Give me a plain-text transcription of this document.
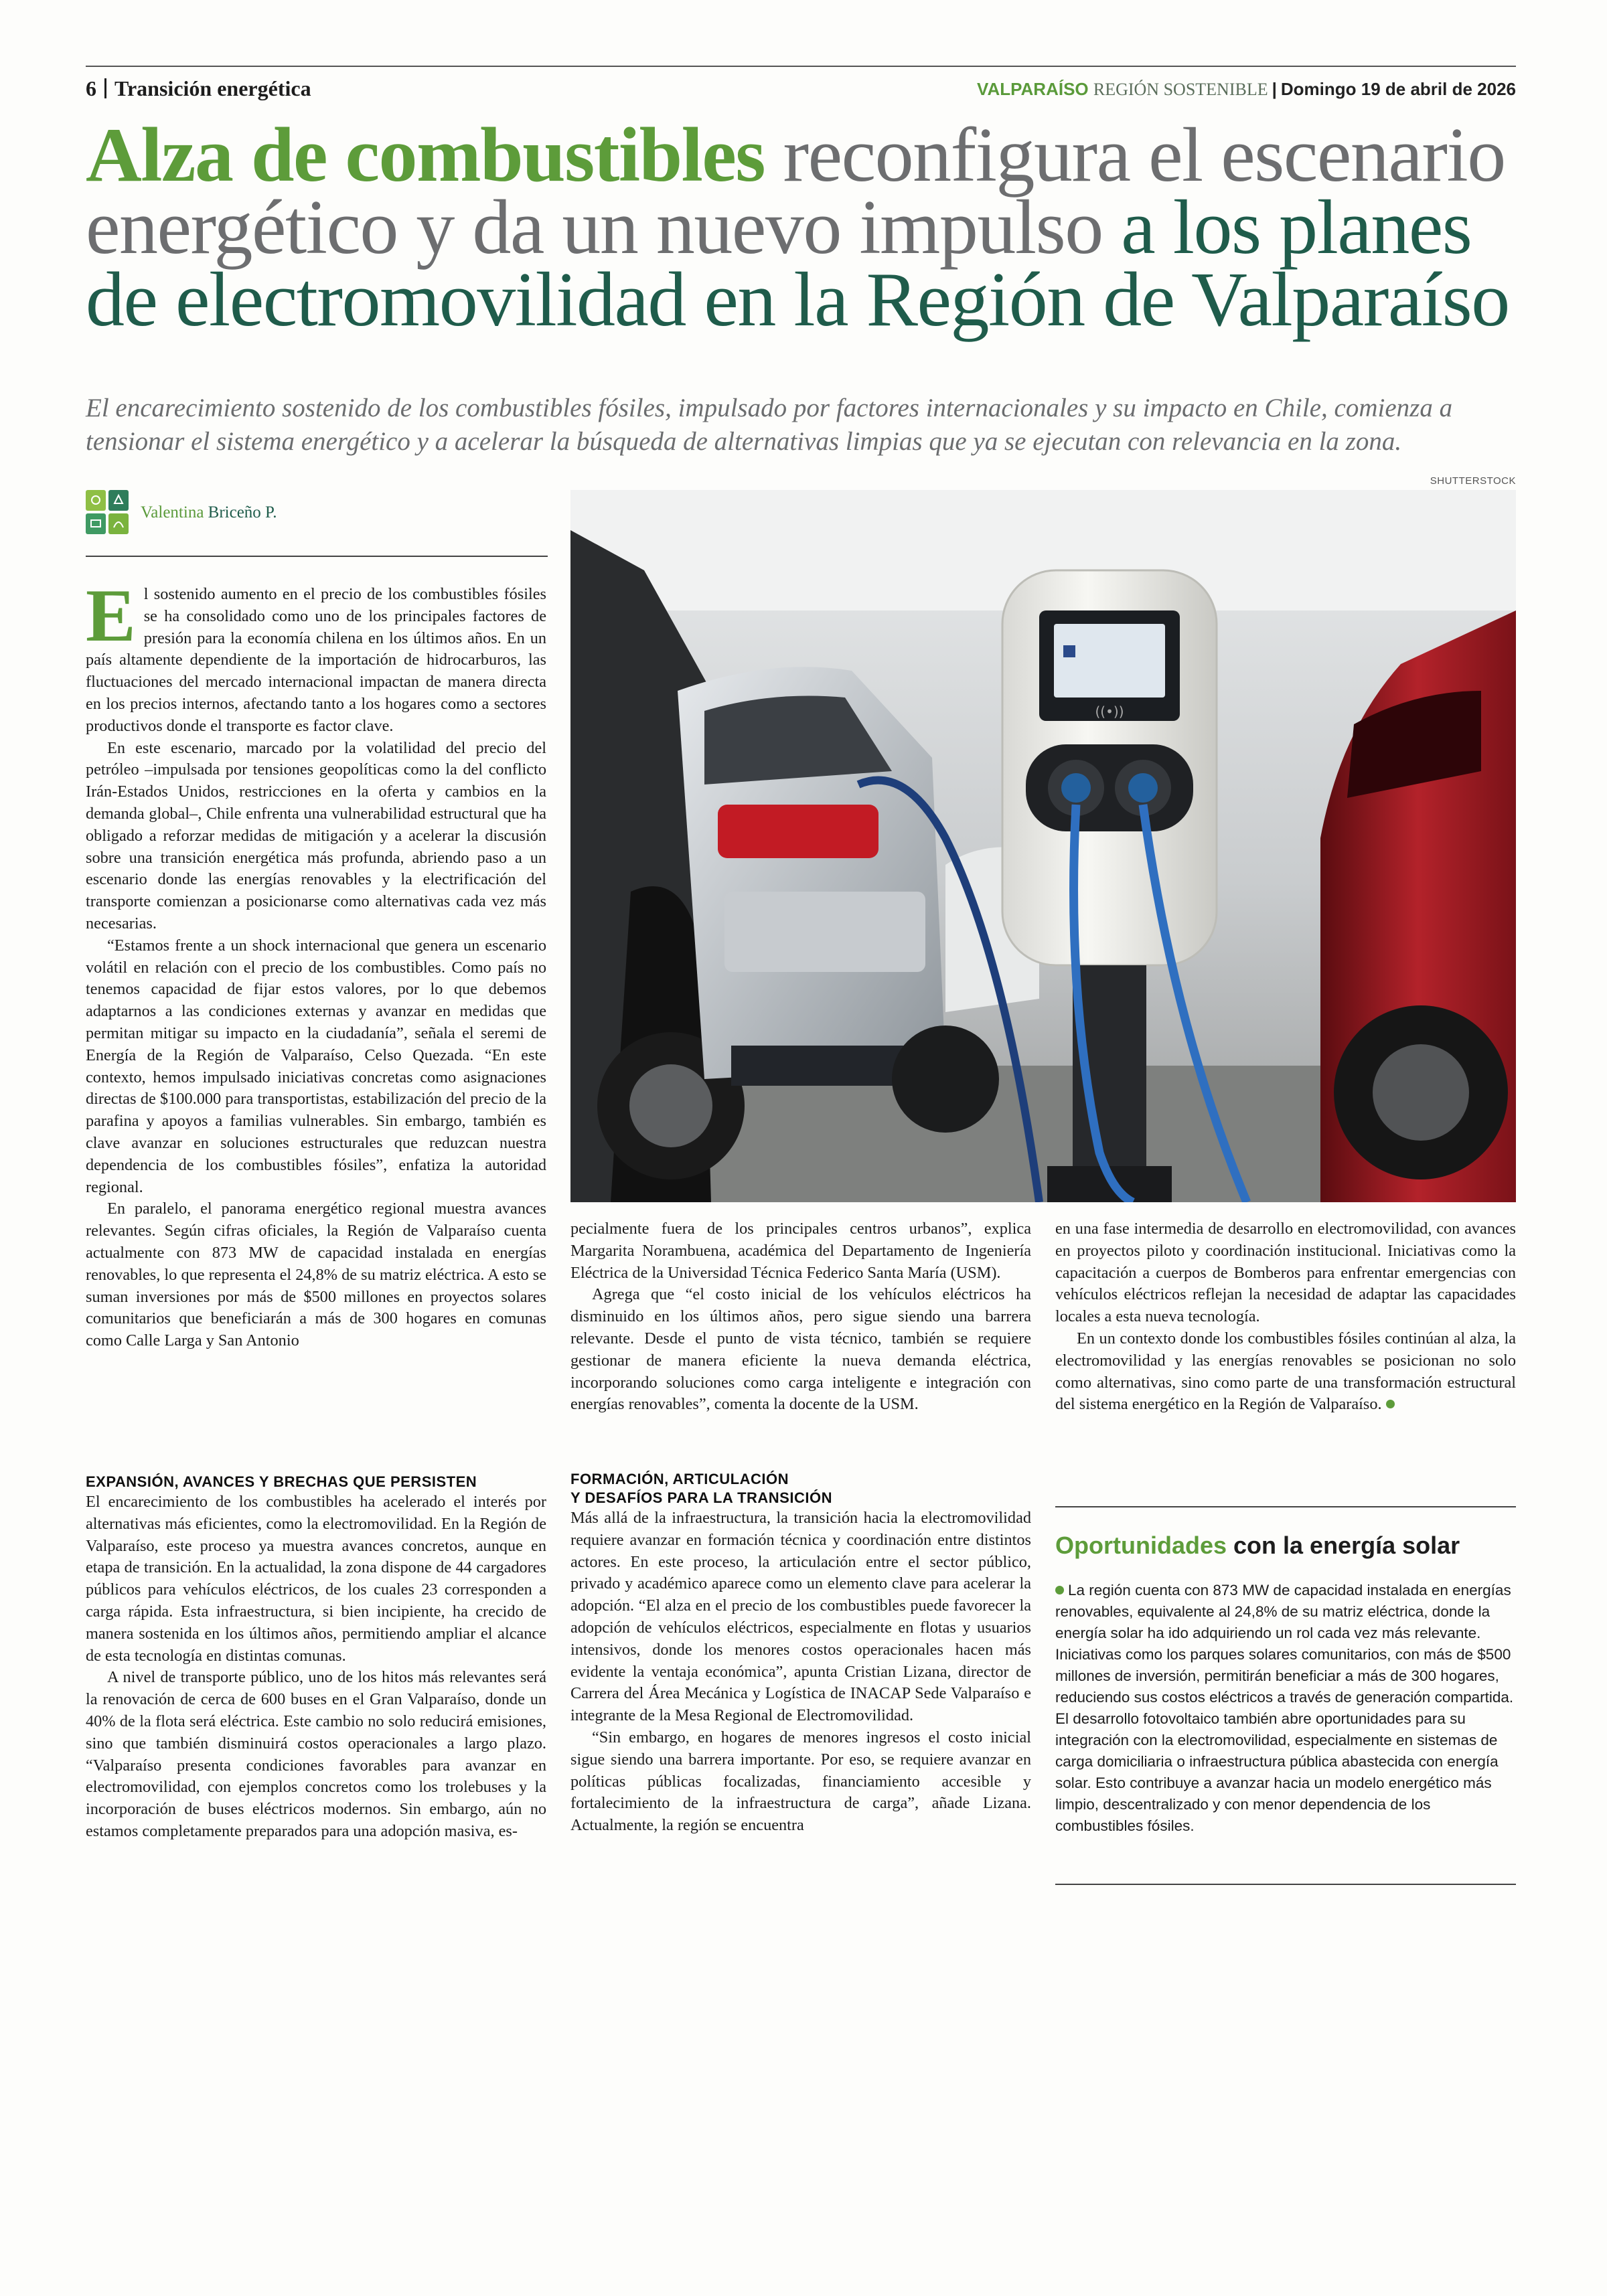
6 Transición energética	VALPARAÍSO REGIÓN SOSTENIBLE | Domingo 19 de abril de 2026
Alza de combustibles reconfigura el escenario energético y da un nuevo impulso a los planes de electromovilidad en la Región de Valparaíso
El encarecimiento sostenido de los combustibles fósiles, impulsado por factores internacionales y su impacto en Chile, comienza a tensionar el sistema energético y a acelerar la búsqueda de alternativas limpias que ya se ejecutan con relevancia en la zona.
SHUTTERSTOCK
Valentina Briceño P.
((•))

El sostenido aumento en el precio de los combustibles fósiles se ha consolidado como uno de los principales factores de presión para la economía chilena en los últimos años. En un país altamente dependiente de la importación de hidrocarburos, las fluctuaciones del mercado internacional impactan de manera directa en los precios internos, afectando tanto a los hogares como a sectores productivos donde el transporte es factor clave.

En este escenario, marcado por la volatilidad del precio del petróleo –impulsada por tensiones geopolíticas como la del conflicto Irán-Estados Unidos, restricciones en la oferta y cambios en la demanda global–, Chile enfrenta una vulnerabilidad estructural que ha obligado a reforzar medidas de mitigación y a acelerar la discusión sobre una transición energética más profunda, abriendo paso a un escenario donde las energías renovables y la electrificación del transporte comienzan a posicionarse como alternativas cada vez más necesarias.

“Estamos frente a un shock internacional que genera un escenario volátil en relación con el precio de los combustibles. Como país no tenemos capacidad de fijar estos valores, por lo que debemos adaptarnos a las condiciones externas y avanzar en medidas que permitan mitigar su impacto en la ciudadanía”, señala el seremi de Energía de la Región de Valparaíso, Celso Quezada. “En este contexto, hemos impulsado iniciativas concretas como asignaciones directas de $100.000 para transportistas, estabilización del precio de la parafina y apoyos a familias vulnerables. Sin embargo, también es clave avanzar en soluciones estructurales que reduzcan nuestra dependencia de los combustibles fósiles”, enfatiza la autoridad regional.

En paralelo, el panorama energético regional muestra avances relevantes. Según cifras oficiales, la Región de Valparaíso cuenta actualmente con 873 MW de capacidad instalada en energías renovables, lo que representa el 24,8% de su matriz eléctrica. A esto se suman inversiones por más de $500 millones en proyectos solares comunitarios que beneficiarán a más de 300 hogares en comunas como Calle Larga y San Antonio

EXPANSIÓN, AVANCES Y BRECHAS QUE PERSISTEN

El encarecimiento de los combustibles ha acelerado el interés por alternativas más eficientes, como la electromovilidad. En la Región de Valparaíso, este proceso ya muestra avances concretos, aunque en etapa de transición. En la actualidad, la zona dispone de 44 cargadores públicos para vehículos eléctricos, de los cuales 23 corresponden a carga rápida. Esta infraestructura, si bien incipiente, ha crecido de manera sostenida en los últimos años, permitiendo ampliar el alcance de esta tecnología en distintas comunas.

A nivel de transporte público, uno de los hitos más relevantes será la renovación de cerca de 600 buses en el Gran Valparaíso, donde un 40% de la flota será eléctrica. Este cambio no solo reducirá emisiones, sino que también disminuirá costos operacionales a largo plazo. “Valparaíso presenta condiciones favorables para avanzar en electromovilidad, con ejemplos concretos como los trolebuses y la incorporación de buses eléctricos modernos. Sin embargo, aún no estamos completamente preparados para una adopción masiva, es-

pecialmente fuera de los principales centros urbanos”, explica Margarita Norambuena, académica del Departamento de Ingeniería Eléctrica de la Universidad Técnica Federico Santa María (USM).

Agrega que “el costo inicial de los vehículos eléctricos ha disminuido en los últimos años, pero sigue siendo una barrera relevante. Desde el punto de vista técnico, también se requiere gestionar de manera eficiente la nueva demanda eléctrica, incorporando soluciones como carga inteligente e integración con energías renovables”, comenta la docente de la USM.

FORMACIÓN, ARTICULACIÓN
Y DESAFÍOS PARA LA TRANSICIÓN

Más allá de la infraestructura, la transición hacia la electromovilidad requiere avanzar en formación técnica y coordinación entre distintos actores. En este proceso, la articulación entre el sector público, privado y académico aparece como un elemento clave para acelerar la adopción. “El alza en el precio de los combustibles puede favorecer la adopción de vehículos eléctricos, especialmente en flotas y usuarios intensivos, donde los menores costos operacionales hacen más evidente la ventaja económica”, apunta Cristian Lizana, director de Carrera del Área Mecánica y Logística de INACAP Sede Valparaíso e integrante de la Mesa Regional de Electromovilidad.

“Sin embargo, en hogares de menores ingresos el costo inicial sigue siendo una barrera importante. Por eso, se requiere avanzar en políticas públicas focalizadas, financiamiento accesible y fortalecimiento de la infraestructura de carga”, añade Lizana. Actualmente, la región se encuentra

en una fase intermedia de desarrollo en electromovilidad, con avances en proyectos piloto y coordinación institucional. Iniciativas como la capacitación a cuerpos de Bomberos para enfrentar emergencias con vehículos eléctricos reflejan la necesidad de adaptar las capacidades locales a esta nueva tecnología.

En un contexto donde los combustibles fósiles continúan al alza, la electromovilidad y las energías renovables se posicionan no solo como alternativas, sino como parte de una transformación estructural del sistema energético en la Región de Valparaíso.

Oportunidades con la energía solar

La región cuenta con 873 MW de capacidad instalada en energías renovables, equivalente al 24,8% de su matriz eléctrica, donde la energía solar ha ido adquiriendo un rol cada vez más relevante. Iniciativas como los parques solares comunitarios, con más de $500 millones de inversión, permitirán beneficiar a más de 300 hogares, reduciendo sus costos eléctricos a través de generación compartida.

El desarrollo fotovoltaico también abre oportunidades para su integración con la electromovilidad, especialmente en sistemas de carga domiciliaria o infraestructura pública abastecida con energía solar. Esto contribuye a avanzar hacia un modelo energético más limpio, descentralizado y con menor dependencia de los combustibles fósiles.
